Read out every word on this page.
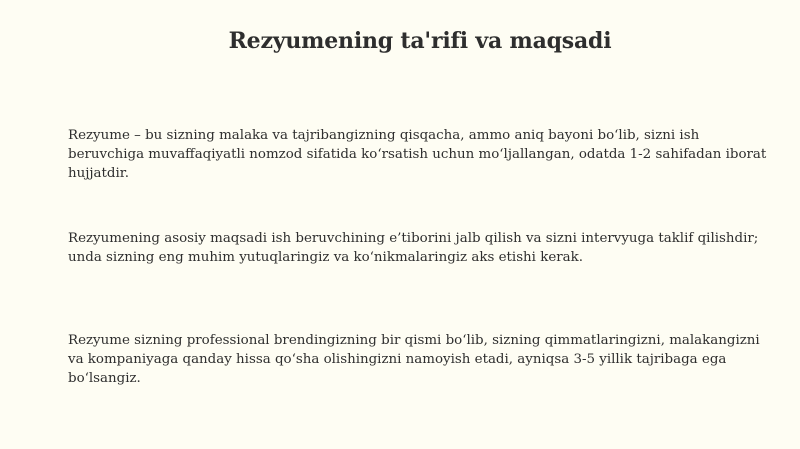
Rezyumening ta'rifi va maqsadi

Rezyume – bu sizning malaka va tajribangizning qisqacha, ammo aniq bayoni bo‘lib, sizni ish beruvchiga muvaffaqiyatli nomzod sifatida ko‘rsatish uchun mo‘ljallangan, odatda 1-2 sahifadan iborat hujjatdir.

Rezyumening asosiy maqsadi ish beruvchining e’tiborini jalb qilish va sizni intervyuga taklif qilishdir; unda sizning eng muhim yutuqlaringiz va ko‘nikmalaringiz aks etishi kerak.

Rezyume sizning professional brendingizning bir qismi bo‘lib, sizning qimmatlaringizni, malakangizni va kompaniyaga qanday hissa qo‘sha olishingizni namoyish etadi, ayniqsa 3-5 yillik tajribaga ega bo‘lsangiz.
